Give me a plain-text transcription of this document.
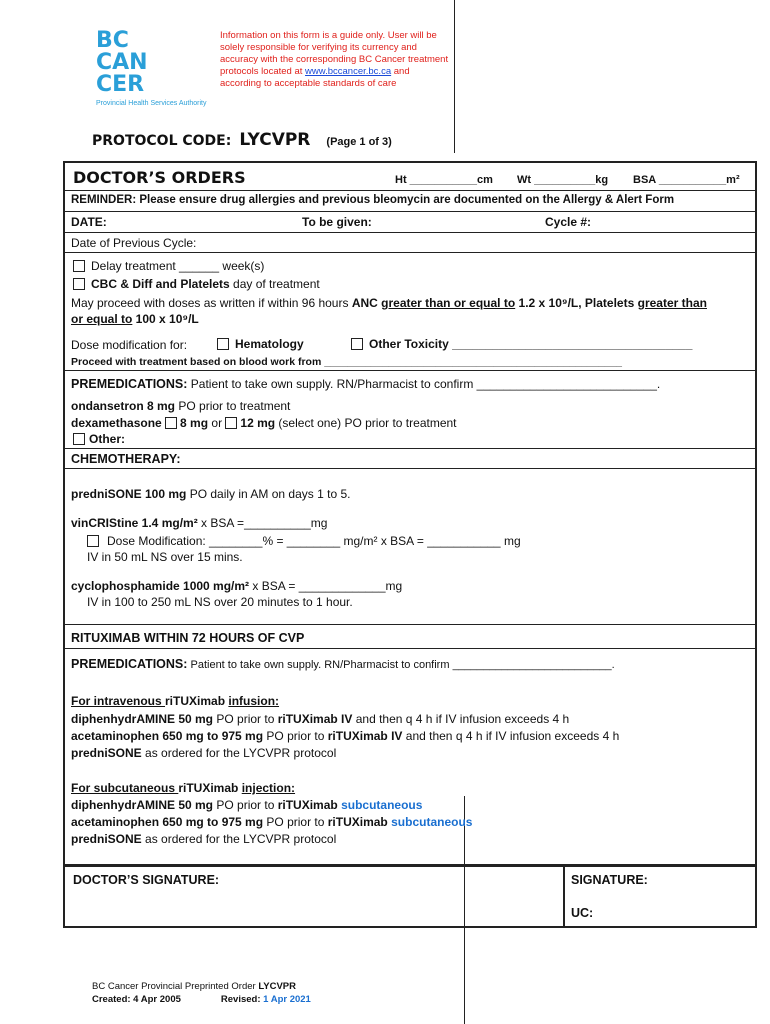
BC
CAN
CER
Provincial Health Services Authority
Information on this form is a guide only. User will be solely responsible for verifying its currency and accuracy with the corresponding BC Cancer treatment protocols located at www.bccancer.bc.ca and according to acceptable standards of care
PROTOCOL CODE: LYCVPR (Page 1 of 3)
DOCTOR’S ORDERS	Ht ___________cm Wt __________kg BSA ___________m²
REMINDER: Please ensure drug allergies and previous bleomycin are documented on the Allergy & Alert Form
DATE:	To be given:	Cycle #:
Date of Previous Cycle:
Delay treatment ______ week(s)
CBC & Diff and Platelets day of treatment
May proceed with doses as written if within 96 hours ANC greater than or equal to 1.2 x 10⁹/L, Platelets greater than
or equal to 100 x 10⁹/L
Dose modification for:	Hematology	Other Toxicity ____________________________________
Proceed with treatment based on blood work from ___________________________________________________
PREMEDICATIONS: Patient to take own supply. RN/Pharmacist to confirm ___________________________.
ondansetron 8 mg PO prior to treatment
dexamethasone 8 mg or 12 mg (select one) PO prior to treatment
Other:
CHEMOTHERAPY:
predniSONE 100 mg PO daily in AM on days 1 to 5.
vinCRIStine 1.4 mg/m² x BSA =__________mg
Dose Modification: ________% = ________ mg/m² x BSA = ___________ mg
IV in 50 mL NS over 15 mins.
cyclophosphamide 1000 mg/m² x BSA = _____________mg
IV in 100 to 250 mL NS over 20 minutes to 1 hour.
RITUXIMAB WITHIN 72 HOURS OF CVP
PREMEDICATIONS: Patient to take own supply. RN/Pharmacist to confirm __________________________.
For intravenous riTUXimab infusion:
diphenhydrAMINE 50 mg PO prior to riTUXimab IV and then q 4 h if IV infusion exceeds 4 h
acetaminophen 650 mg to 975 mg PO prior to riTUXimab IV and then q 4 h if IV infusion exceeds 4 h
predniSONE as ordered for the LYCVPR protocol
For subcutaneous riTUXimab injection:
diphenhydrAMINE 50 mg PO prior to riTUXimab subcutaneous
acetaminophen 650 mg to 975 mg PO prior to riTUXimab subcutaneous
predniSONE as ordered for the LYCVPR protocol
DOCTOR’S SIGNATURE:	SIGNATURE:
UC:
BC Cancer Provincial Preprinted Order LYCVPR
Created: 4 Apr 2005	Revised: 1 Apr 2021
